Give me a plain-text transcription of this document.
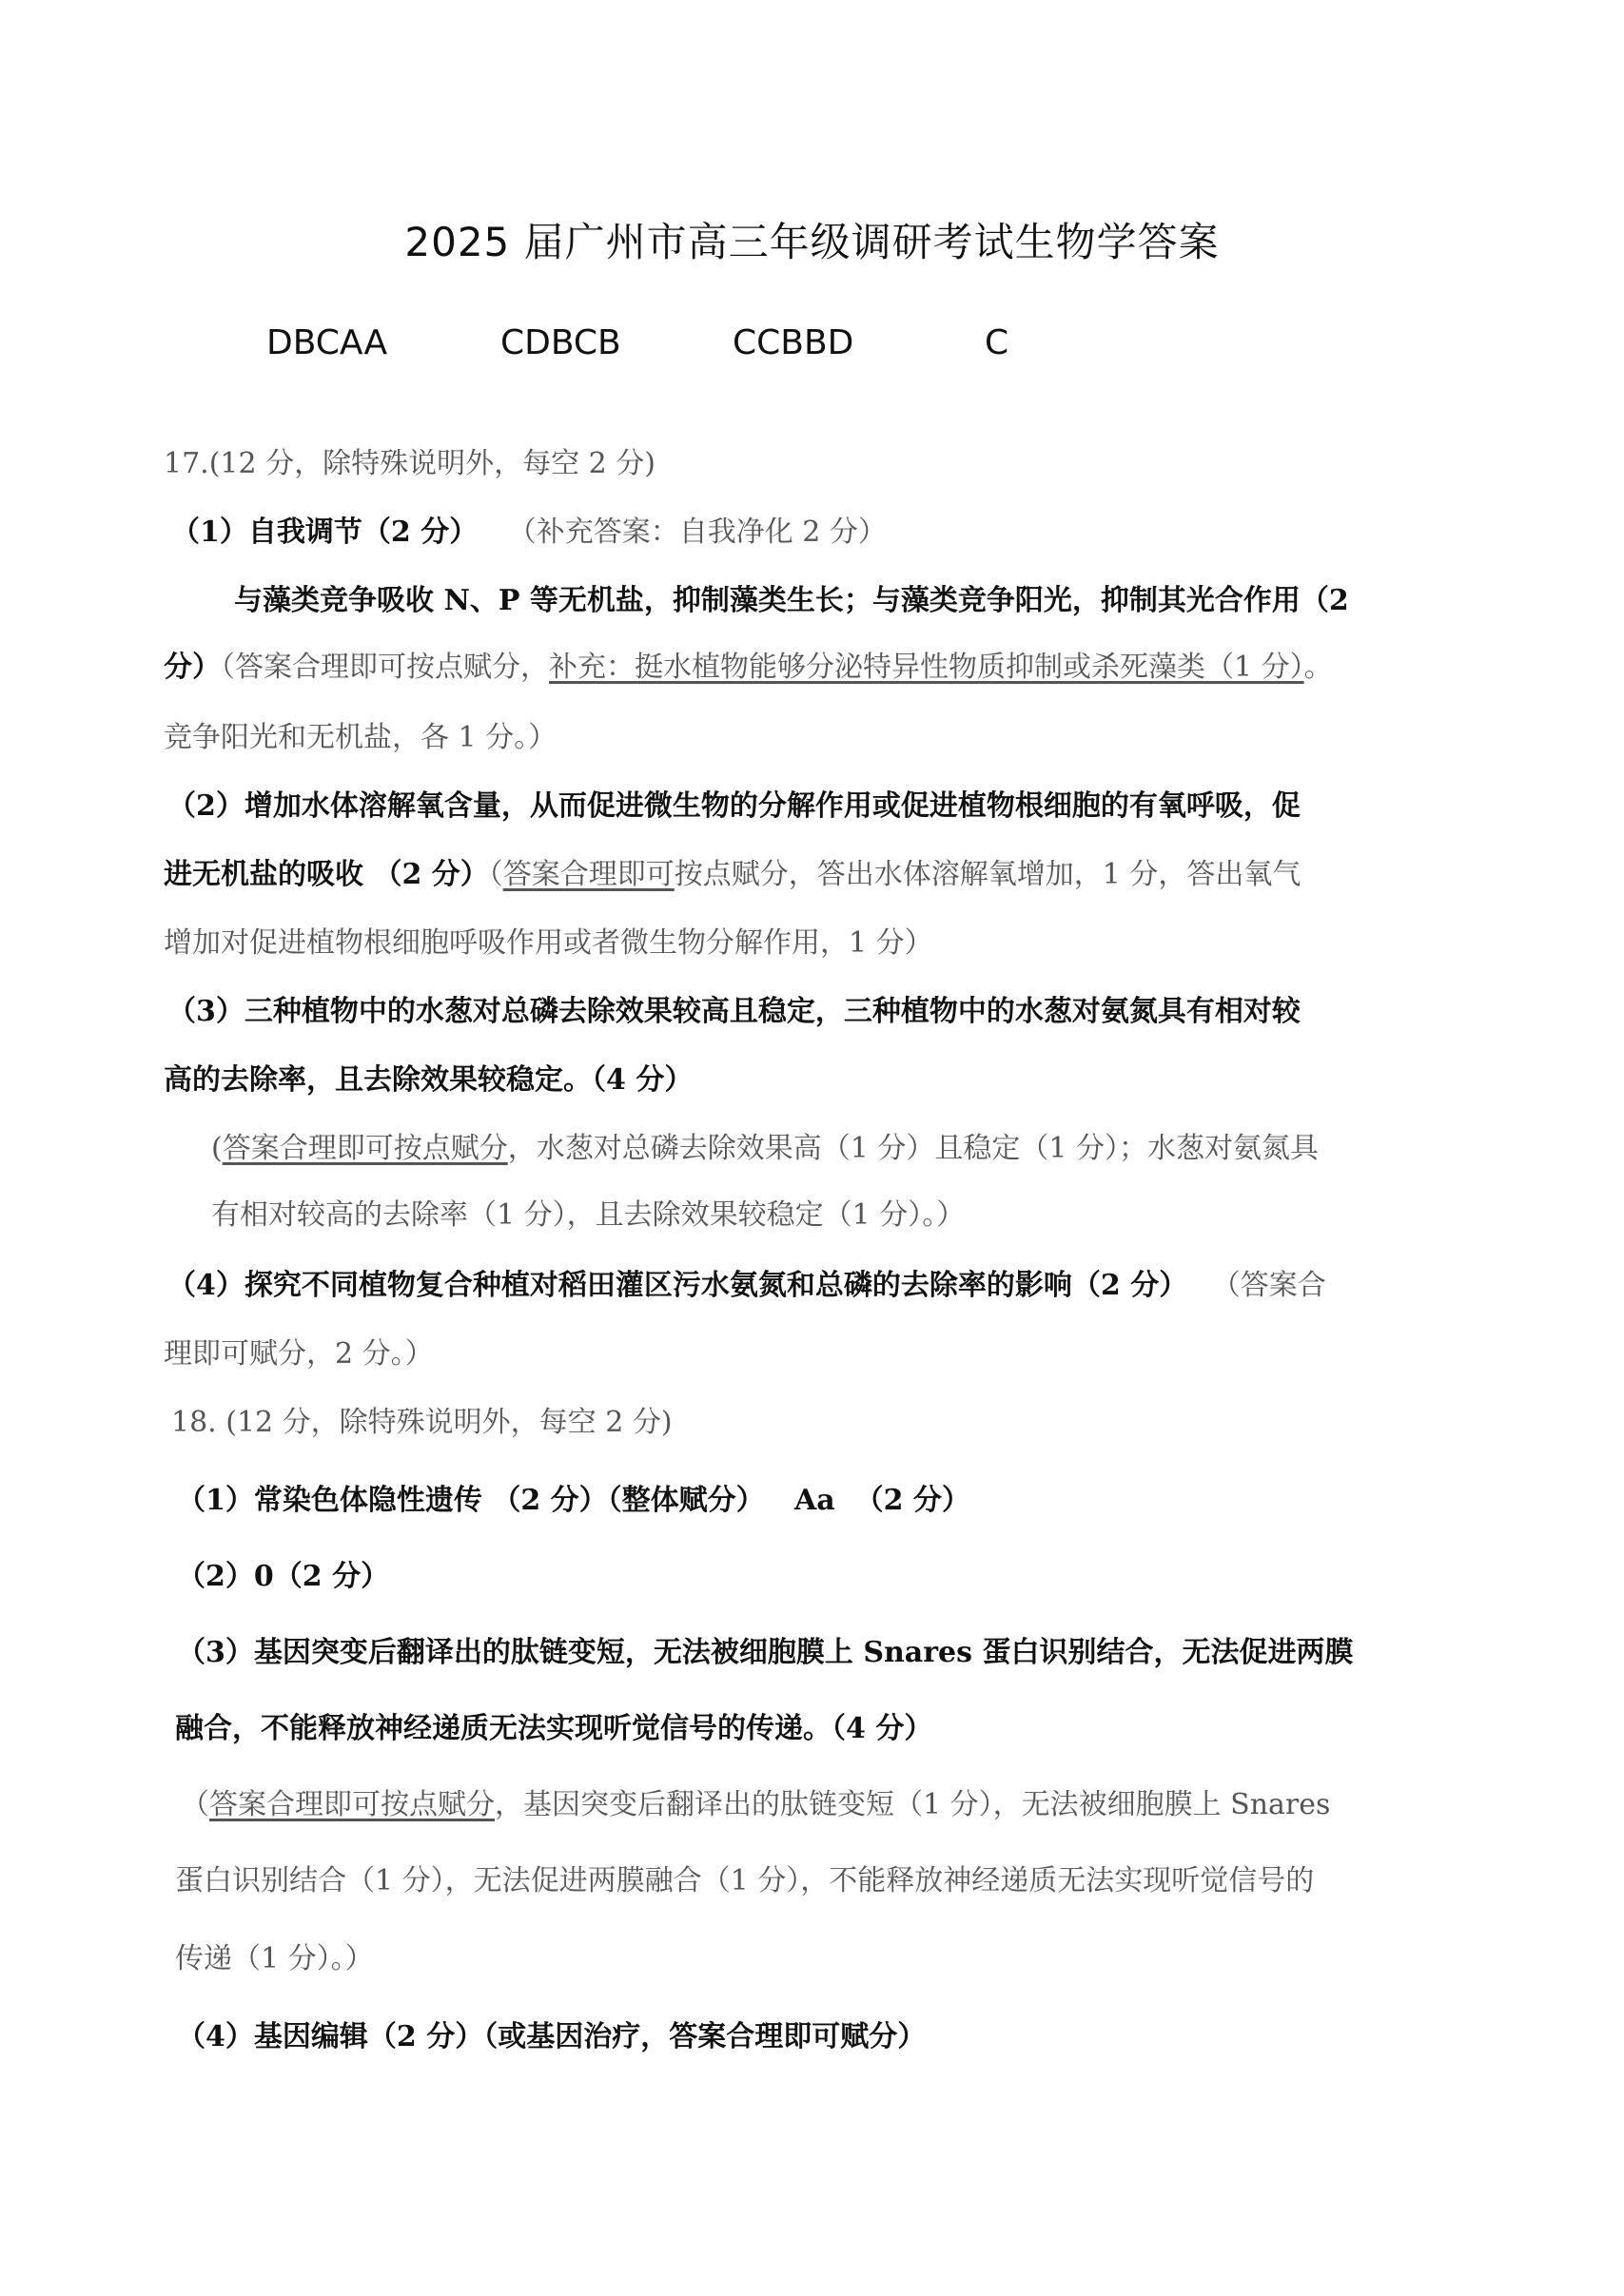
2025 届广州市高三年级调研考试生物学答案
DBCAA	CDBCB	CCBBD	C
17.(12 分，除特殊说明外，每空 2 分)
（1）自我调节（2 分） （补充答案：自我净化 2 分）
与藻类竞争吸收 N、P 等无机盐，抑制藻类生长；与藻类竞争阳光，抑制其光合作用（2
分）（答案合理即可按点赋分，补充：挺水植物能够分泌特异性物质抑制或杀死藻类（1 分）。
竞争阳光和无机盐，各 1 分。）
（2）增加水体溶解氧含量，从而促进微生物的分解作用或促进植物根细胞的有氧呼吸，促
进无机盐的吸收 （2 分）（答案合理即可按点赋分，答出水体溶解氧增加，1 分，答出氧气
增加对促进植物根细胞呼吸作用或者微生物分解作用，1 分）
（3）三种植物中的水葱对总磷去除效果较高且稳定，三种植物中的水葱对氨氮具有相对较
高的去除率，且去除效果较稳定。（4 分）
(答案合理即可按点赋分，水葱对总磷去除效果高（1 分）且稳定（1 分）；水葱对氨氮具
有相对较高的去除率（1 分），且去除效果较稳定（1 分）。）
（4）探究不同植物复合种植对稻田灌区污水氨氮和总磷的去除率的影响（2 分） （答案合
理即可赋分，2 分。）
18. (12 分，除特殊说明外，每空 2 分)
（1）常染色体隐性遗传 （2 分）（整体赋分）   Aa  （2 分）
（2）0（2 分）
（3）基因突变后翻译出的肽链变短，无法被细胞膜上 Snares 蛋白识别结合，无法促进两膜
融合，不能释放神经递质无法实现听觉信号的传递。（4 分）
（答案合理即可按点赋分，基因突变后翻译出的肽链变短（1 分），无法被细胞膜上 Snares
蛋白识别结合（1 分），无法促进两膜融合（1 分），不能释放神经递质无法实现听觉信号的
传递（1 分）。）
（4）基因编辑（2 分）（或基因治疗，答案合理即可赋分）
